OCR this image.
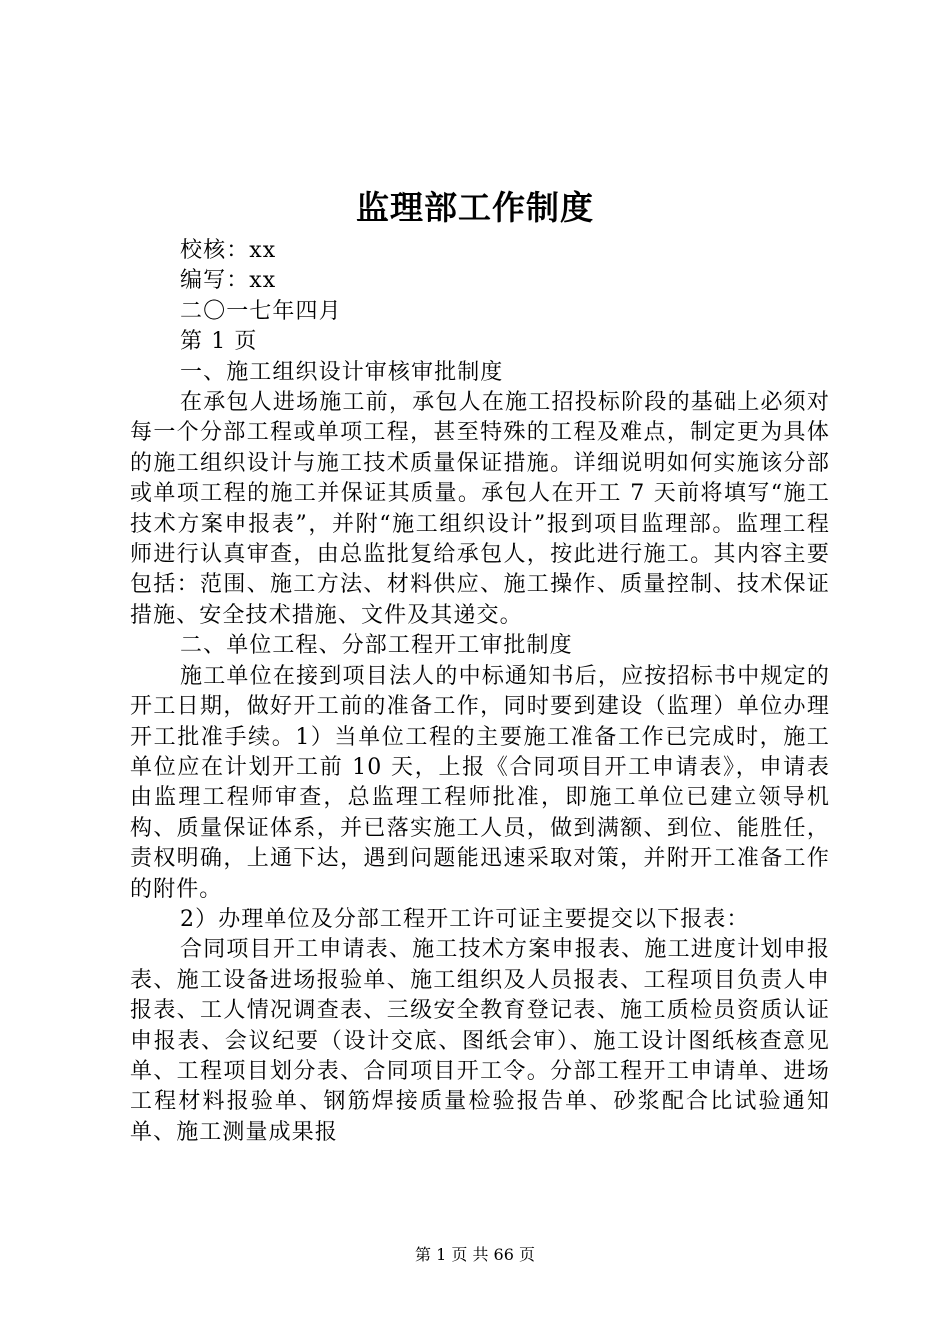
监理部工作制度

校核：xx

编写：xx

二〇一七年四月

第 1 页

一、施工组织设计审核审批制度

在承包人进场施工前，承包人在施工招投标阶段的基础上必须对每一个分部工程或单项工程，甚至特殊的工程及难点，制定更为具体的施工组织设计与施工技术质量保证措施。详细说明如何实施该分部或单项工程的施工并保证其质量。承包人在开工 7 天前将填写“施工技术方案申报表”，并附“施工组织设计”报到项目监理部。监理工程师进行认真审查，由总监批复给承包人，按此进行施工。其内容主要包括：范围、施工方法、材料供应、施工操作、质量控制、技术保证措施、安全技术措施、文件及其递交。

二、单位工程、分部工程开工审批制度

施工单位在接到项目法人的中标通知书后，应按招标书中规定的开工日期，做好开工前的准备工作，同时要到建设（监理）单位办理开工批准手续。1）当单位工程的主要施工准备工作已完成时，施工单位应在计划开工前 10 天，上报《合同项目开工申请表》，申请表由监理工程师审查，总监理工程师批准，即施工单位已建立领导机构、质量保证体系，并已落实施工人员，做到满额、到位、能胜任，责权明确，上通下达，遇到问题能迅速采取对策，并附开工准备工作的附件。

2）办理单位及分部工程开工许可证主要提交以下报表：

合同项目开工申请表、施工技术方案申报表、施工进度计划申报表、施工设备进场报验单、施工组织及人员报表、工程项目负责人申报表、工人情况调查表、三级安全教育登记表、施工质检员资质认证申报表、会议纪要（设计交底、图纸会审）、施工设计图纸核查意见单、工程项目划分表、合同项目开工令。分部工程开工申请单、进场工程材料报验单、钢筋焊接质量检验报告单、砂浆配合比试验通知单、施工测量成果报

第 1 页 共 66 页
